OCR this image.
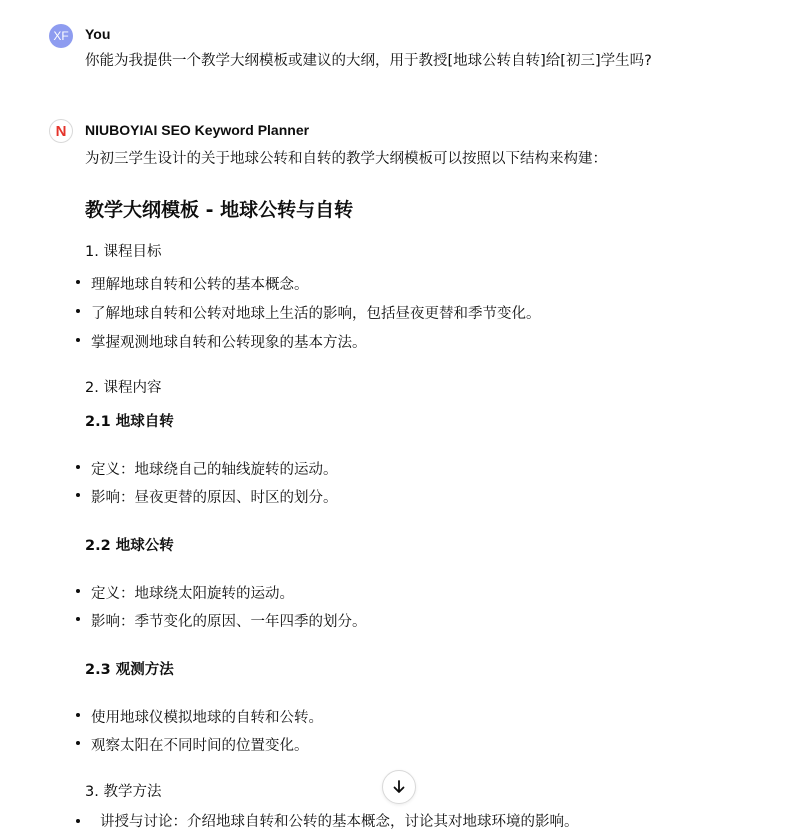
XF You
你能为我提供一个教学大纲模板或建议的大纲，用于教授[地球公转自转]给[初三]学生吗?
N NIUBOYIAI SEO Keyword Planner
为初三学生设计的关于地球公转和自转的教学大纲模板可以按照以下结构来构建：
教学大纲模板 - 地球公转与自转
1. 课程目标
理解地球自转和公转的基本概念。
了解地球自转和公转对地球上生活的影响，包括昼夜更替和季节变化。
掌握观测地球自转和公转现象的基本方法。
2. 课程内容
2.1 地球自转
定义：地球绕自己的轴线旋转的运动。
影响：昼夜更替的原因、时区的划分。
2.2 地球公转
定义：地球绕太阳旋转的运动。
影响：季节变化的原因、一年四季的划分。
2.3 观测方法
使用地球仪模拟地球的自转和公转。
观察太阳在不同时间的位置变化。
3. 教学方法
讲授与讨论：介绍地球自转和公转的基本概念，讨论其对地球环境的影响。
